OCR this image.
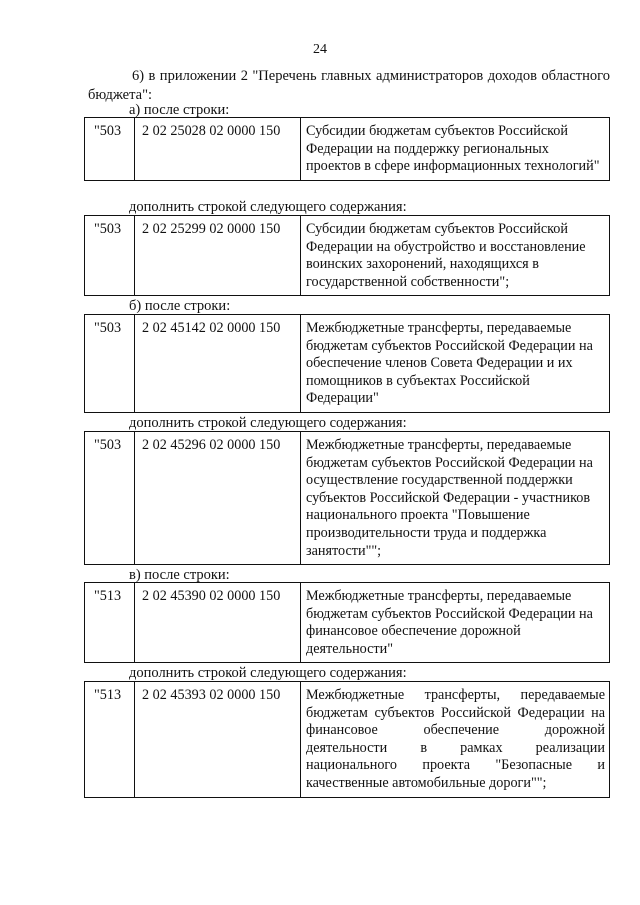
24
6) в приложении 2 "Перечень главных администраторов доходов областного бюджета":
а) после строки:
"503	2 02 25028 02 0000 150	Субсидии бюджетам субъектов Российской Федерации на поддержку региональных проектов в сфере информационных технологий"
дополнить строкой следующего содержания:
"503	2 02 25299 02 0000 150	Субсидии бюджетам субъектов Российской Федерации на обустройство и восстановление воинских захоронений, находящихся в государственной собственности";
б) после строки:
"503	2 02 45142 02 0000 150	Межбюджетные трансферты, передаваемые бюджетам субъектов Российской Федерации на обеспечение членов Совета Федерации и их помощников в субъектах Российской Федерации"
дополнить строкой следующего содержания:
"503	2 02 45296 02 0000 150	Межбюджетные трансферты, передаваемые бюджетам субъектов Российской Федерации на осуществление государственной поддержки субъектов Российской Федерации - участников национального проекта "Повышение производительности труда и поддержка занятости"";
в) после строки:
"513	2 02 45390 02 0000 150	Межбюджетные трансферты, передаваемые бюджетам субъектов Российской Федерации на финансовое обеспечение дорожной деятельности"
дополнить строкой следующего содержания:
"513	2 02 45393 02 0000 150	Межбюджетные трансферты, передаваемые бюджетам субъектов Российской Федерации на финансовое обеспечение дорожной деятельности в рамках реализации национального проекта "Безопасные и качественные автомобильные дороги"";
